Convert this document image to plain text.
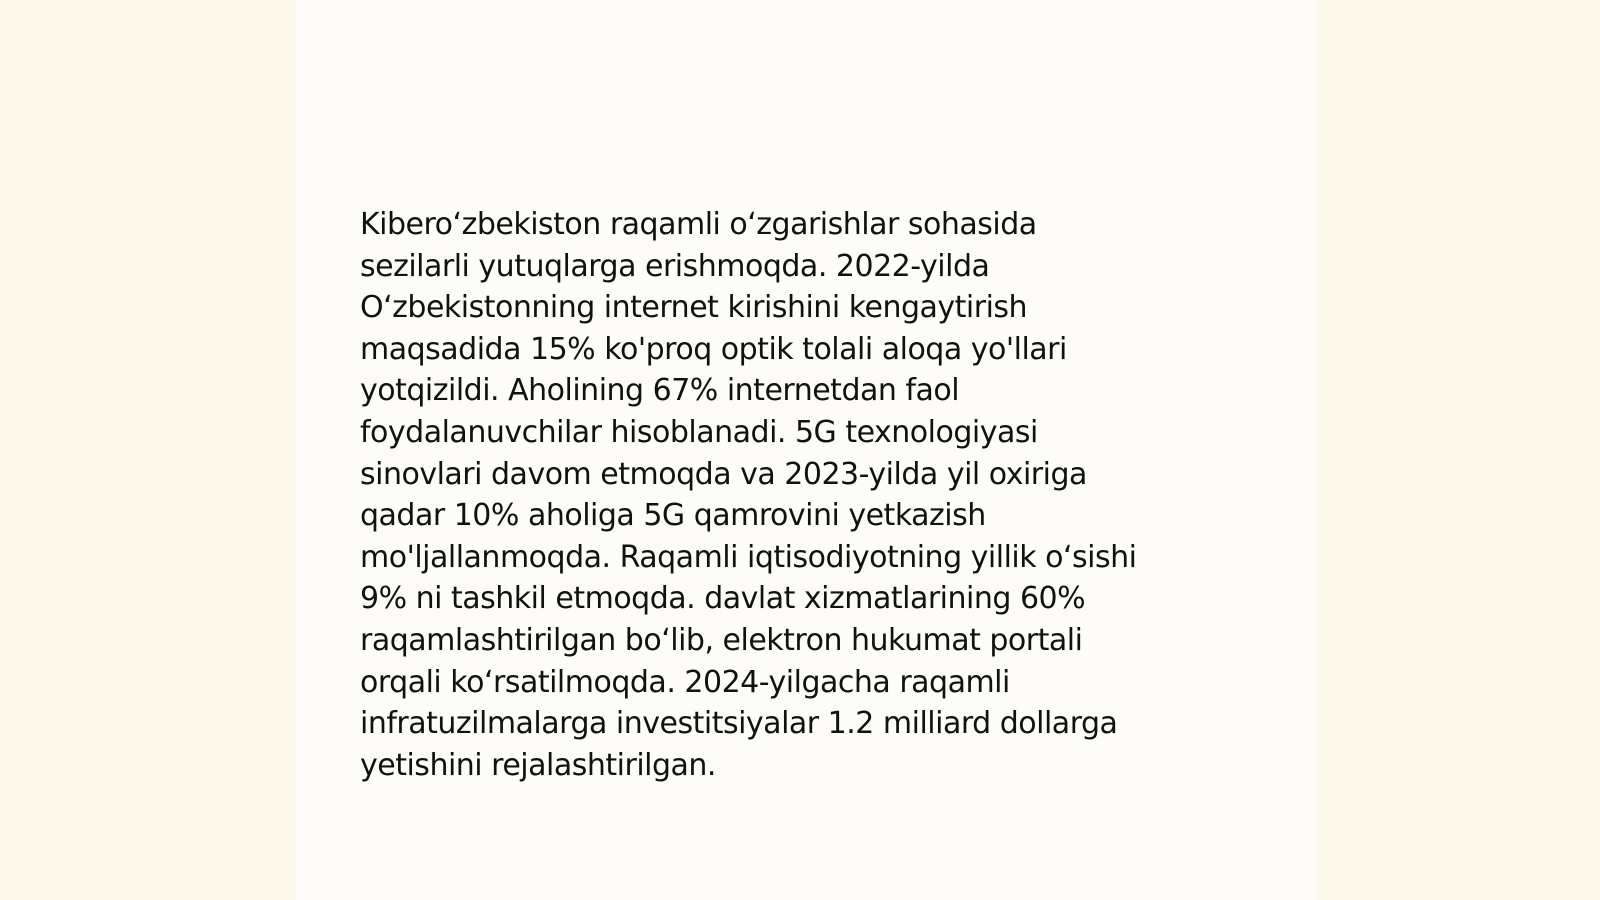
Kiberoʻzbekiston raqamli oʻzgarishlar sohasida
sezilarli yutuqlarga erishmoqda. 2022-yilda
Oʻzbekistonning internet kirishini kengaytirish
maqsadida 15% ko'proq optik tolali aloqa yo'llari
yotqizildi. Aholining 67% internetdan faol
foydalanuvchilar hisoblanadi. 5G texnologiyasi
sinovlari davom etmoqda va 2023-yilda yil oxiriga
qadar 10% aholiga 5G qamrovini yetkazish
mo'ljallanmoqda. Raqamli iqtisodiyotning yillik oʻsishi
9% ni tashkil etmoqda. davlat xizmatlarining 60%
raqamlashtirilgan boʻlib, elektron hukumat portali
orqali koʻrsatilmoqda. 2024-yilgacha raqamli
infratuzilmalarga investitsiyalar 1.2 milliard dollarga
yetishini rejalashtirilgan.
